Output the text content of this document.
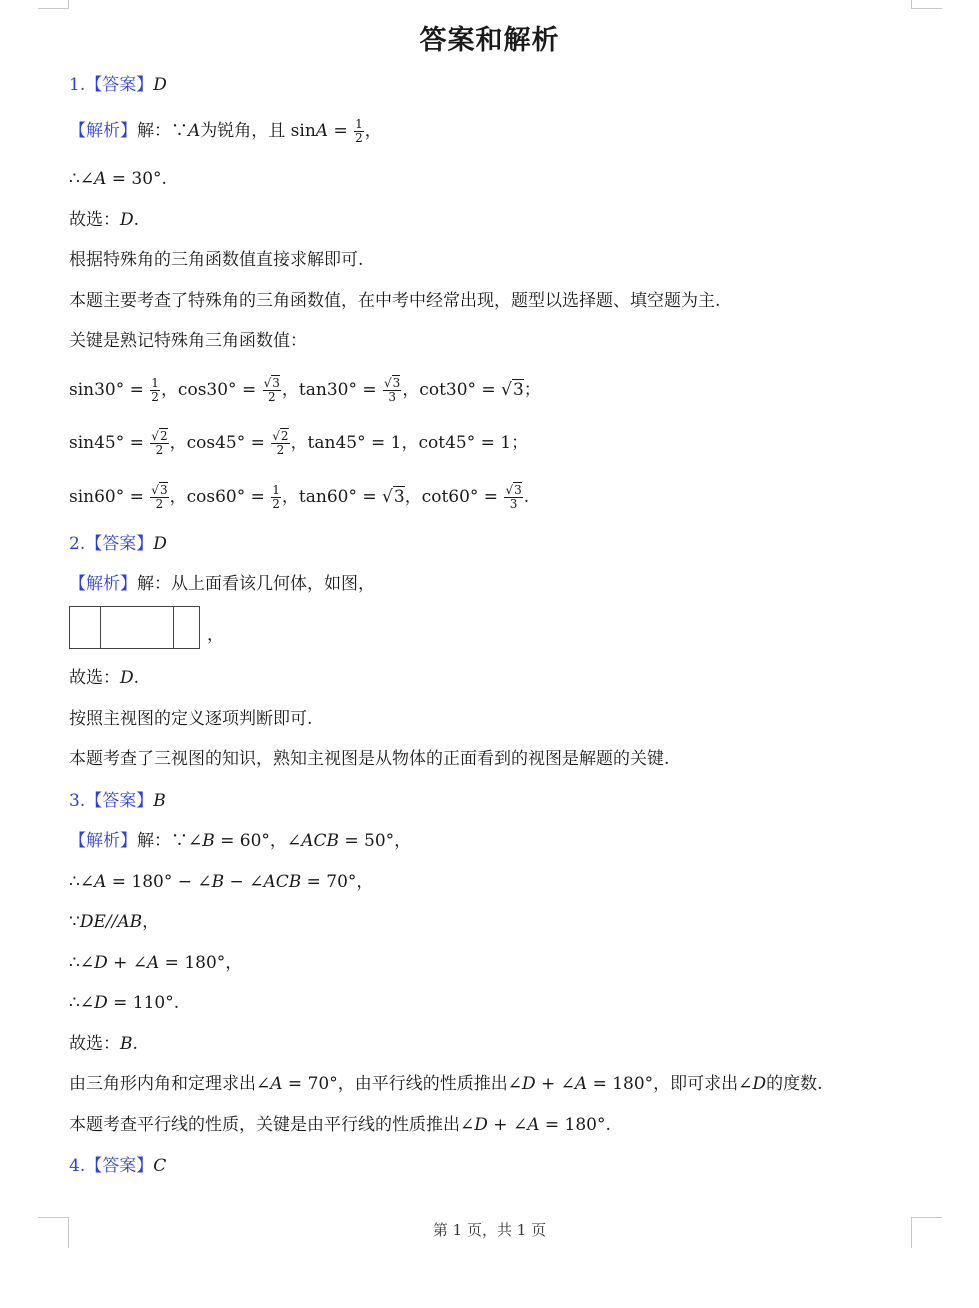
答案和解析
1.【答案】D
【解析】解：∵A为锐角，且 $\sin A = \frac{1}{2}$ ，
∴∠A = 30°.
故选：D.
根据特殊角的三角函数值直接求解即可.
本题主要考查了特殊角的三角函数值，在中考中经常出现，题型以选择题、填空题为主.
关键是熟记特殊角三角函数值：
$\sin 30^\circ = \frac{1}{2}$ ，$\cos 30^\circ = \frac{√3}{2}$ ，$\tan 30^\circ = \frac{√3}{3}$ ，cot30° = √3；
$\sin 45^\circ = \frac{√2}{2}$ ，$\cos 45^\circ = \frac{√2}{2}$ ，tan45° = 1，cot45° = 1；
$\sin 60^\circ = \frac{√3}{2}$ ，$\cos 60^\circ = \frac{1}{2}$ ，tan60° = √3，$\cot 60^\circ = \frac{√3}{3}$ .
2.【答案】D
【解析】解：从上面看该几何体，如图，
，
故选：D.
按照主视图的定义逐项判断即可.
本题考查了三视图的知识，熟知主视图是从物体的正面看到的视图是解题的关键.
3.【答案】B
【解析】解：∵∠B = 60°，∠ACB = 50°，
∴∠A = 180° − ∠B − ∠ACB = 70°，
∵DE//AB，
∴∠D + ∠A = 180°，
∴∠D = 110°.
故选：B.
由三角形内角和定理求出∠A = 70°，由平行线的性质推出∠D + ∠A = 180°，即可求出∠D的度数.
本题考查平行线的性质，关键是由平行线的性质推出∠D + ∠A = 180°.
4.【答案】C
第 1 页，共 1 页
